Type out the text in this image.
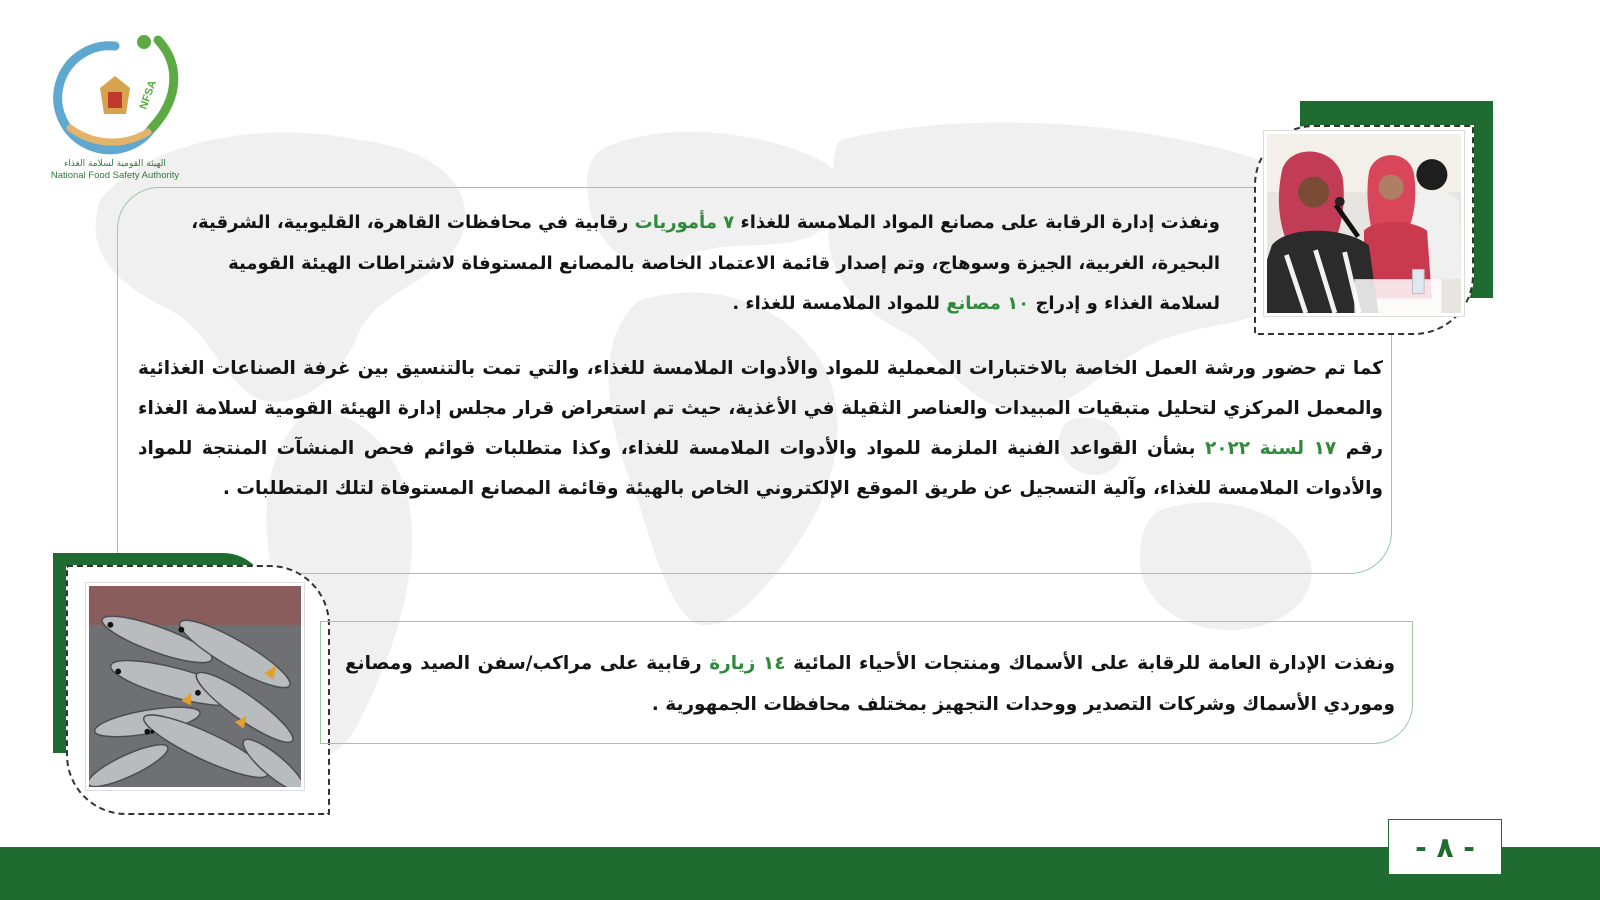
NFSA
الهيئة القومية لسلامة الغذاء
National Food Safety Authority
ونفذت إدارة الرقابة على مصانع المواد الملامسة للغذاء ٧ مأموريات رقابية في محافظات القاهرة، القليوبية، الشرقية، البحيرة، الغربية، الجيزة وسوهاج، وتم إصدار قائمة الاعتماد الخاصة بالمصانع المستوفاة لاشتراطات الهيئة القومية لسلامة الغذاء و إدراج ١٠ مصانع للمواد الملامسة للغذاء .
كما تم حضور ورشة العمل الخاصة بالاختبارات المعملية للمواد والأدوات الملامسة للغذاء، والتي تمت بالتنسيق بين غرفة الصناعات الغذائية والمعمل المركزي لتحليل متبقيات المبيدات والعناصر الثقيلة في الأغذية، حيث تم استعراض قرار مجلس إدارة الهيئة القومية لسلامة الغذاء رقم ١٧ لسنة ٢٠٢٢ بشأن القواعد الفنية الملزمة للمواد والأدوات الملامسة للغذاء، وكذا متطلبات قوائم فحص المنشآت المنتجة للمواد والأدوات الملامسة للغذاء، وآلية التسجيل عن طريق الموقع الإلكتروني الخاص بالهيئة وقائمة المصانع المستوفاة لتلك المتطلبات .
ونفذت الإدارة العامة للرقابة على الأسماك ومنتجات الأحياء المائية ١٤ زيارة رقابية على مراكب/سفن الصيد ومصانع وموردي الأسماك وشركات التصدير ووحدات التجهيز بمختلف محافظات الجمهورية .
- ٨ -
